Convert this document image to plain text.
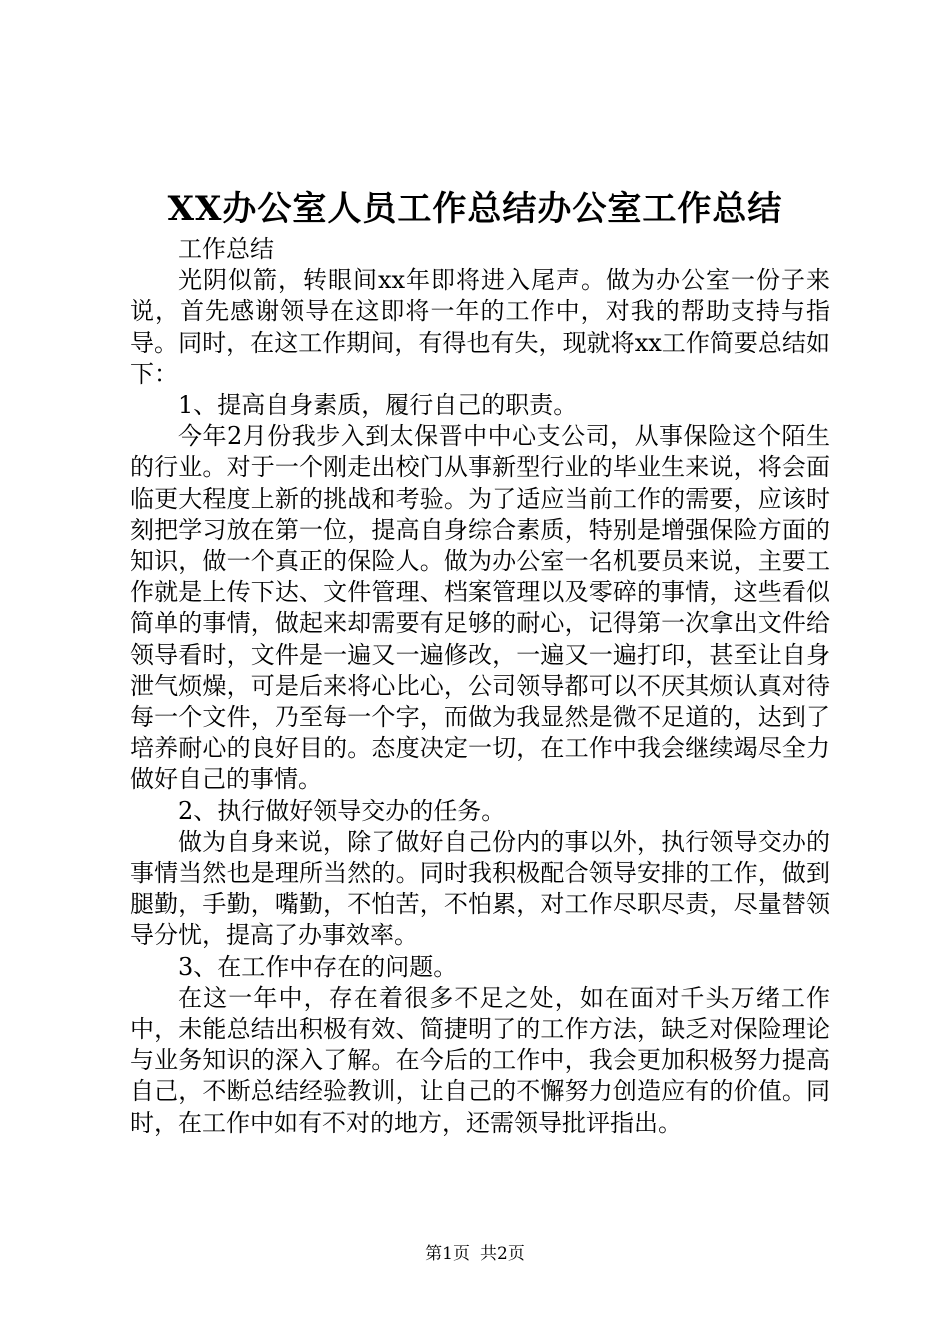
XX办公室人员工作总结办公室工作总结

工作总结

光阴似箭，转眼间xx年即将进入尾声。做为办公室一份子来说，首先感谢领导在这即将一年的工作中，对我的帮助支持与指导。同时，在这工作期间，有得也有失，现就将xx工作简要总结如下：

1、提高自身素质，履行自己的职责。

今年2月份我步入到太保晋中中心支公司，从事保险这个陌生的行业。对于一个刚走出校门从事新型行业的毕业生来说，将会面临更大程度上新的挑战和考验。为了适应当前工作的需要，应该时刻把学习放在第一位，提高自身综合素质，特别是增强保险方面的知识，做一个真正的保险人。做为办公室一名机要员来说，主要工作就是上传下达、文件管理、档案管理以及零碎的事情，这些看似简单的事情，做起来却需要有足够的耐心，记得第一次拿出文件给领导看时，文件是一遍又一遍修改，一遍又一遍打印，甚至让自身泄气烦燥，可是后来将心比心，公司领导都可以不厌其烦认真对待每一个文件，乃至每一个字，而做为我显然是微不足道的，达到了培养耐心的良好目的。态度决定一切，在工作中我会继续竭尽全力做好自己的事情。

2、执行做好领导交办的任务。

做为自身来说，除了做好自己份内的事以外，执行领导交办的事情当然也是理所当然的。同时我积极配合领导安排的工作，做到腿勤，手勤，嘴勤，不怕苦，不怕累，对工作尽职尽责，尽量替领导分忧，提高了办事效率。

3、在工作中存在的问题。

在这一年中，存在着很多不足之处，如在面对千头万绪工作中，未能总结出积极有效、简捷明了的工作方法，缺乏对保险理论与业务知识的深入了解。在今后的工作中，我会更加积极努力提高自己，不断总结经验教训，让自己的不懈努力创造应有的价值。同时，在工作中如有不对的地方，还需领导批评指出。

第1页 共2页
